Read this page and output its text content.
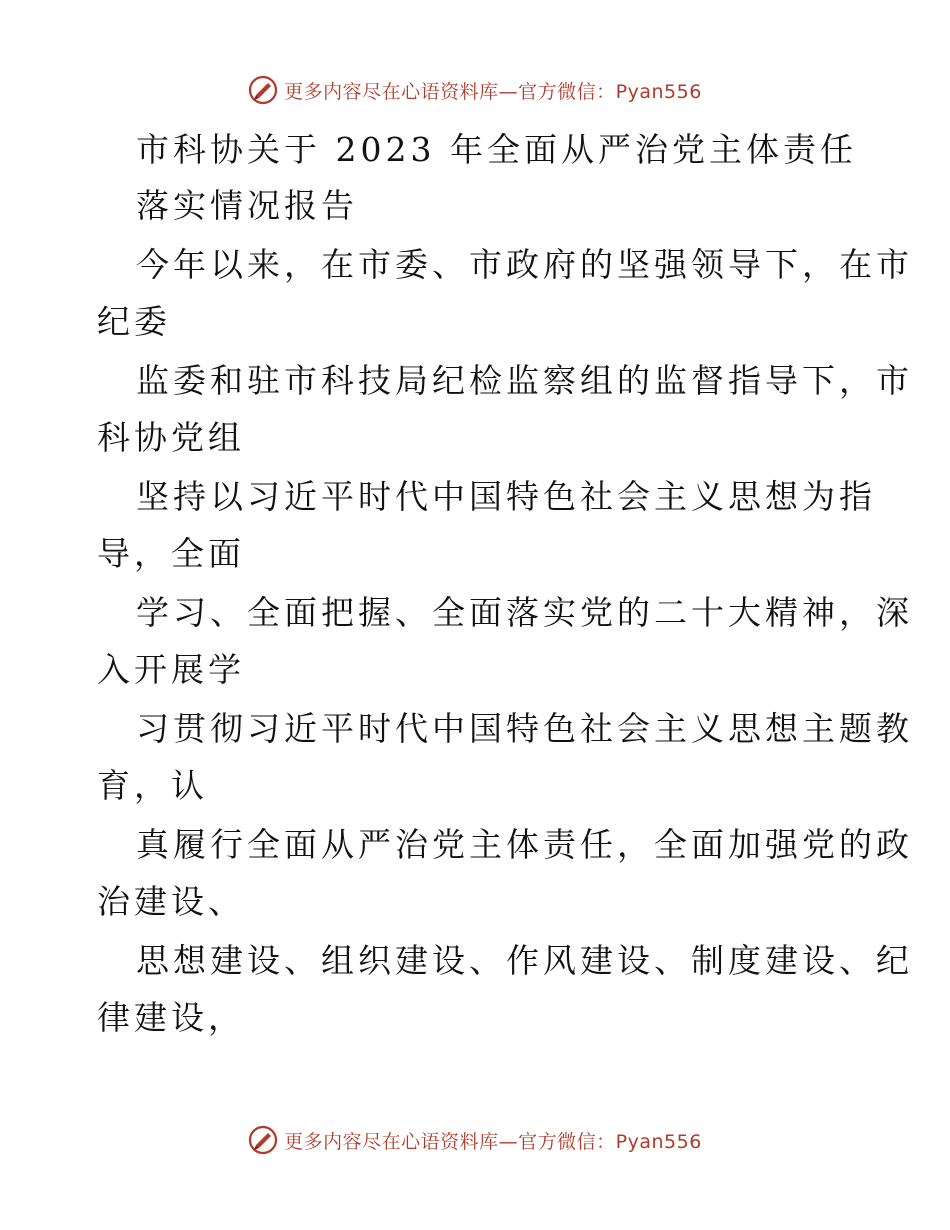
更多内容尽在心语资料库—官方微信：Pyan556
市科协关于 2023 年全面从严治党主体责任
落实情况报告
今年以来，在市委、市政府的坚强领导下，在市
纪委
监委和驻市科技局纪检监察组的监督指导下，市
科协党组
坚持以习近平时代中国特色社会主义思想为指
导，全面
学习、全面把握、全面落实党的二十大精神，深
入开展学
习贯彻习近平时代中国特色社会主义思想主题教
育，认
真履行全面从严治党主体责任，全面加强党的政
治建设、
思想建设、组织建设、作风建设、制度建设、纪
律建设，
更多内容尽在心语资料库—官方微信：Pyan556
